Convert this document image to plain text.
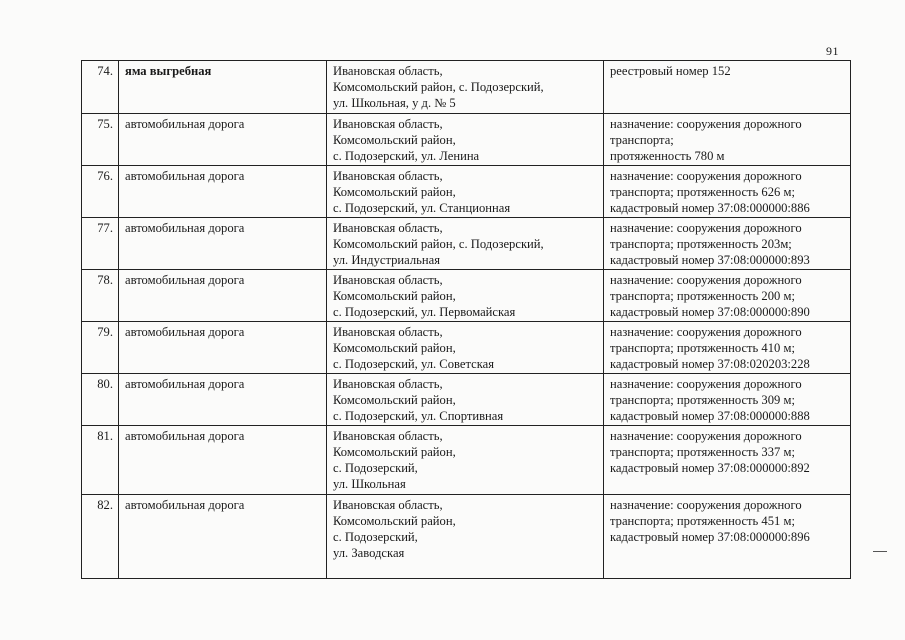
91
74.	яма выгребная	Ивановская область,
Комсомольский район, с. Подозерский,
ул. Школьная, у д. № 5	реестровый номер 152

75.	автомобильная дорога	Ивановская область,
Комсомольский район,
с. Подозерский, ул. Ленина	назначение: сооружения дорожного
транспорта;
протяженность 780 м

76.	автомобильная дорога	Ивановская область,
Комсомольский район,
с. Подозерский, ул. Станционная	назначение: сооружения дорожного
транспорта; протяженность 626 м;
кадастровый номер 37:08:000000:886

77.	автомобильная дорога	Ивановская область,
Комсомольский район, с. Подозерский,
ул. Индустриальная	назначение: сооружения дорожного
транспорта; протяженность 203м;
кадастровый номер 37:08:000000:893

78.	автомобильная дорога	Ивановская область,
Комсомольский район,
с. Подозерский, ул. Первомайская	назначение: сооружения дорожного
транспорта; протяженность 200 м;
кадастровый номер 37:08:000000:890

79.	автомобильная дорога	Ивановская область,
Комсомольский район,
с. Подозерский, ул. Советская	назначение: сооружения дорожного
транспорта; протяженность 410 м;
кадастровый номер 37:08:020203:228

80.	автомобильная дорога	Ивановская область,
Комсомольский район,
с. Подозерский, ул. Спортивная	назначение: сооружения дорожного
транспорта; протяженность 309 м;
кадастровый номер 37:08:000000:888

81.	автомобильная дорога	Ивановская область,
Комсомольский район,
с. Подозерский,
ул. Школьная	назначение: сооружения дорожного
транспорта; протяженность 337 м;
кадастровый номер 37:08:000000:892

82.	автомобильная дорога	Ивановская область,
Комсомольский район,
с. Подозерский,
ул. Заводская	назначение: сооружения дорожного
транспорта; протяженность 451 м;
кадастровый номер 37:08:000000:896
